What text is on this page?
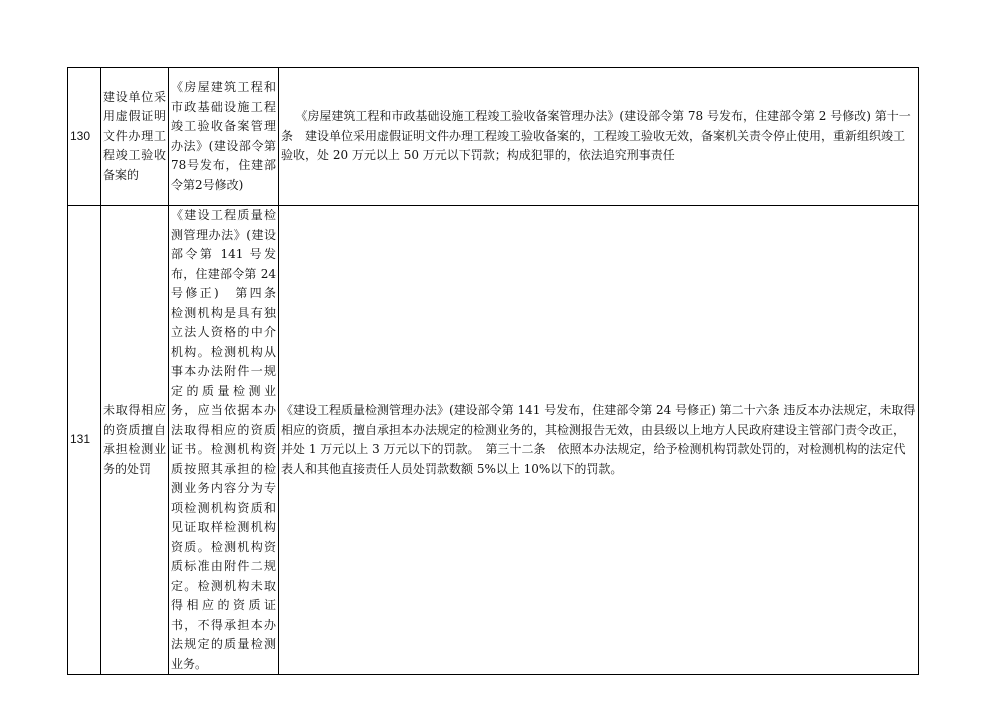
130	建设单位采用虚假证明文件办理工程竣工验收备案的	《房屋建筑工程和市政基础设施工程竣工验收备案管理办法》(建设部令第78号发布，住建部令第2号修改)	《房屋建筑工程和市政基础设施工程竣工验收备案管理办法》(建设部令第 78 号发布，住建部令第 2 号修改) 第十一条　建设单位采用虚假证明文件办理工程竣工验收备案的，工程竣工验收无效，备案机关责令停止使用，重新组织竣工验收，处 20 万元以上 50 万元以下罚款；构成犯罪的，依法追究刑事责任
131	未取得相应的资质擅自承担检测业务的处罚	《建设工程质量检测管理办法》(建设部令第 141 号发布，住建部令第 24 号修正)　第四条　检测机构是具有独立法人资格的中介机构。检测机构从事本办法附件一规定的质量检测业务，应当依据本办法取得相应的资质证书。检测机构资质按照其承担的检测业务内容分为专项检测机构资质和见证取样检测机构资质。检测机构资质标准由附件二规定。检测机构未取得相应的资质证书，不得承担本办法规定的质量检测业务。	《建设工程质量检测管理办法》(建设部令第 141 号发布，住建部令第 24 号修正) 第二十六条 违反本办法规定，未取得相应的资质，擅自承担本办法规定的检测业务的，其检测报告无效，由县级以上地方人民政府建设主管部门责令改正，并处 1 万元以上 3 万元以下的罚款。　第三十二条　依照本办法规定，给予检测机构罚款处罚的，对检测机构的法定代表人和其他直接责任人员处罚款数额 5%以上 10%以下的罚款。
